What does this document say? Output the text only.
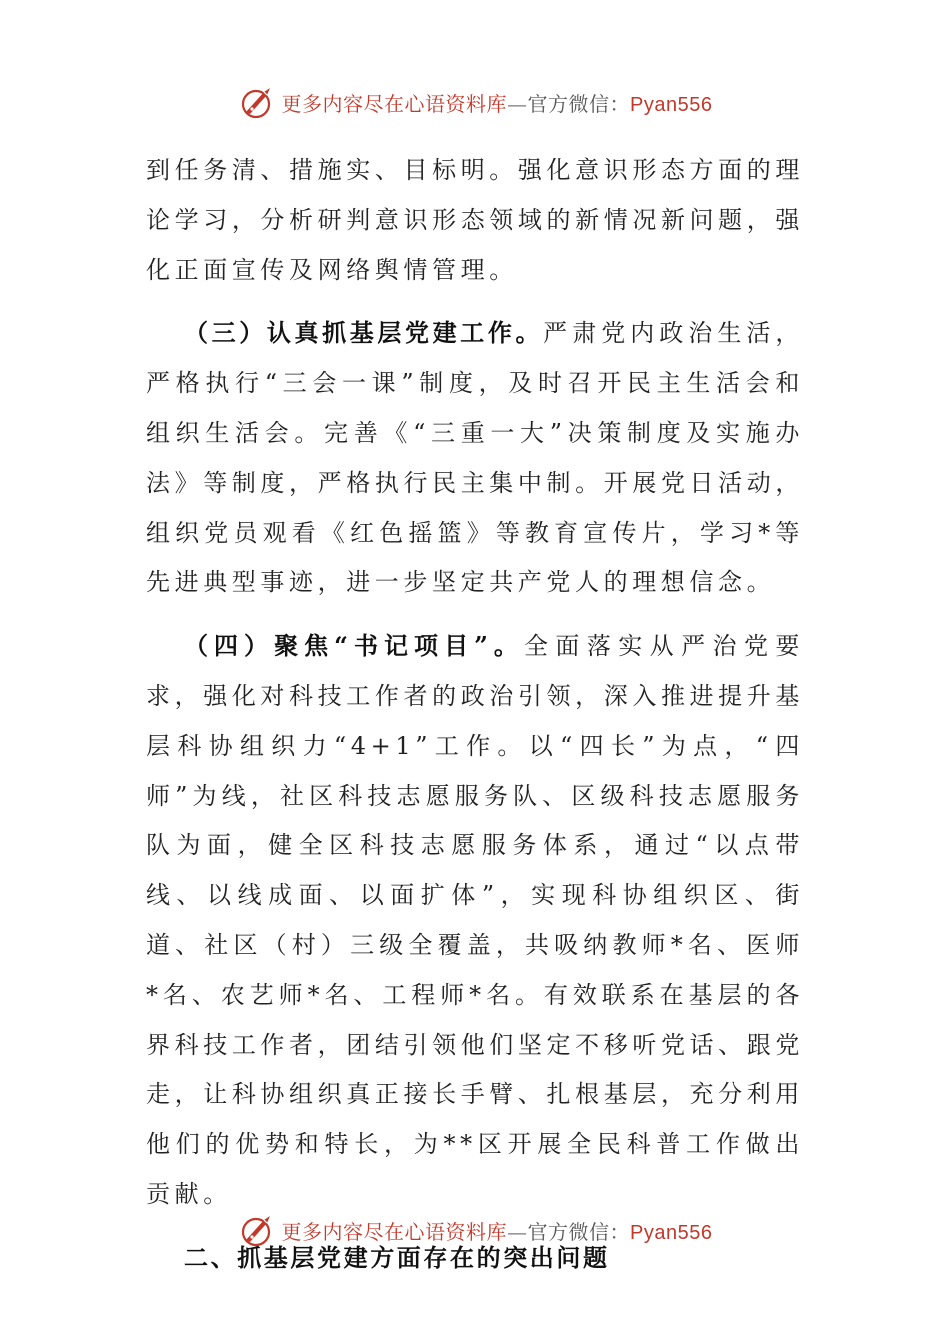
更多内容尽在心语资料库—官方微信：Pyan556

到任务清、措施实、目标明。强化意识形态方面的理论学习，分析研判意识形态领域的新情况新问题，强化正面宣传及网络舆情管理。

（三）认真抓基层党建工作。严肃党内政治生活，严格执行“三会一课”制度，及时召开民主生活会和组织生活会。完善《“三重一大”决策制度及实施办法》等制度，严格执行民主集中制。开展党日活动，组织党员观看《红色摇篮》等教育宣传片，学习*等先进典型事迹，进一步坚定共产党人的理想信念。

（四）聚焦“书记项目”。全面落实从严治党要求，强化对科技工作者的政治引领，深入推进提升基层科协组织力“4+1”工作。以“四长”为点，“四师”为线，社区科技志愿服务队、区级科技志愿服务队为面，健全区科技志愿服务体系，通过“以点带线、以线成面、以面扩体”，实现科协组织区、街道、社区（村）三级全覆盖，共吸纳教师*名、医师*名、农艺师*名、工程师*名。有效联系在基层的各界科技工作者，团结引领他们坚定不移听党话、跟党走，让科协组织真正接长手臂、扎根基层，充分利用他们的优势和特长，为**区开展全民科普工作做出贡献。

二、抓基层党建方面存在的突出问题

更多内容尽在心语资料库—官方微信：Pyan556
